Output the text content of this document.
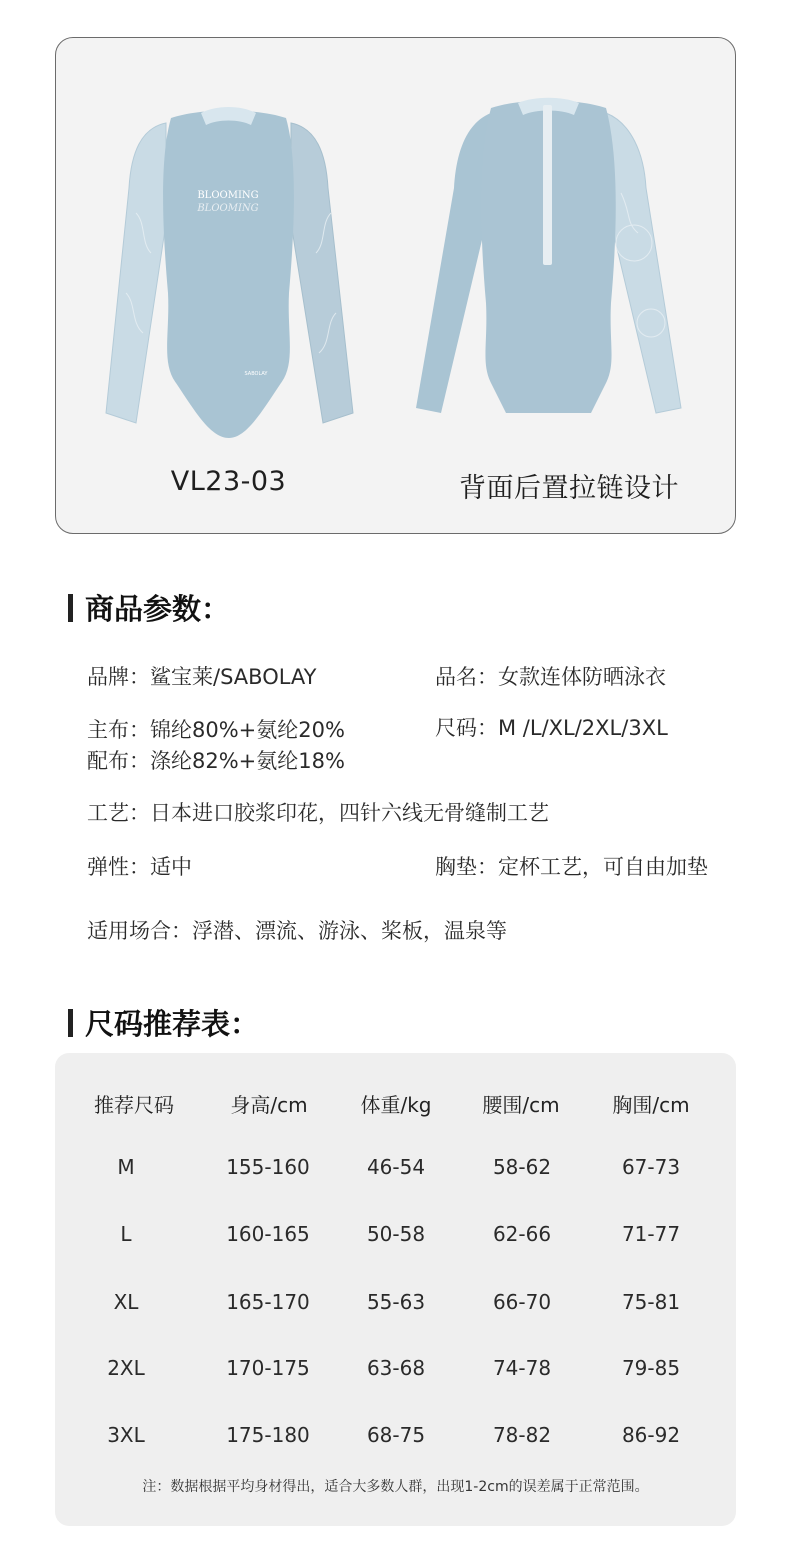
BLOOMING
BLOOMING
SABOLAY
VL23-03	背面后置拉链设计
商品参数：
品牌：鲨宝莱/SABOLAY	品名：女款连体防晒泳衣
主布：锦纶80%+氨纶20%	尺码：M /L/XL/2XL/3XL
配布：涤纶82%+氨纶18%
工艺：日本进口胶浆印花，四针六线无骨缝制工艺
弹性：适中	胸垫：定杯工艺，可自由加垫
适用场合：浮潜、漂流、游泳、桨板，温泉等
尺码推荐表：
推荐尺码	身高/cm	体重/kg	腰围/cm	胸围/cm
M	155-160	46-54	58-62	67-73
L	160-165	50-58	62-66	71-77
XL	165-170	55-63	66-70	75-81
2XL	170-175	63-68	74-78	79-85
3XL	175-180	68-75	78-82	86-92
注：数据根据平均身材得出，适合大多数人群，出现1-2cm的误差属于正常范围。
